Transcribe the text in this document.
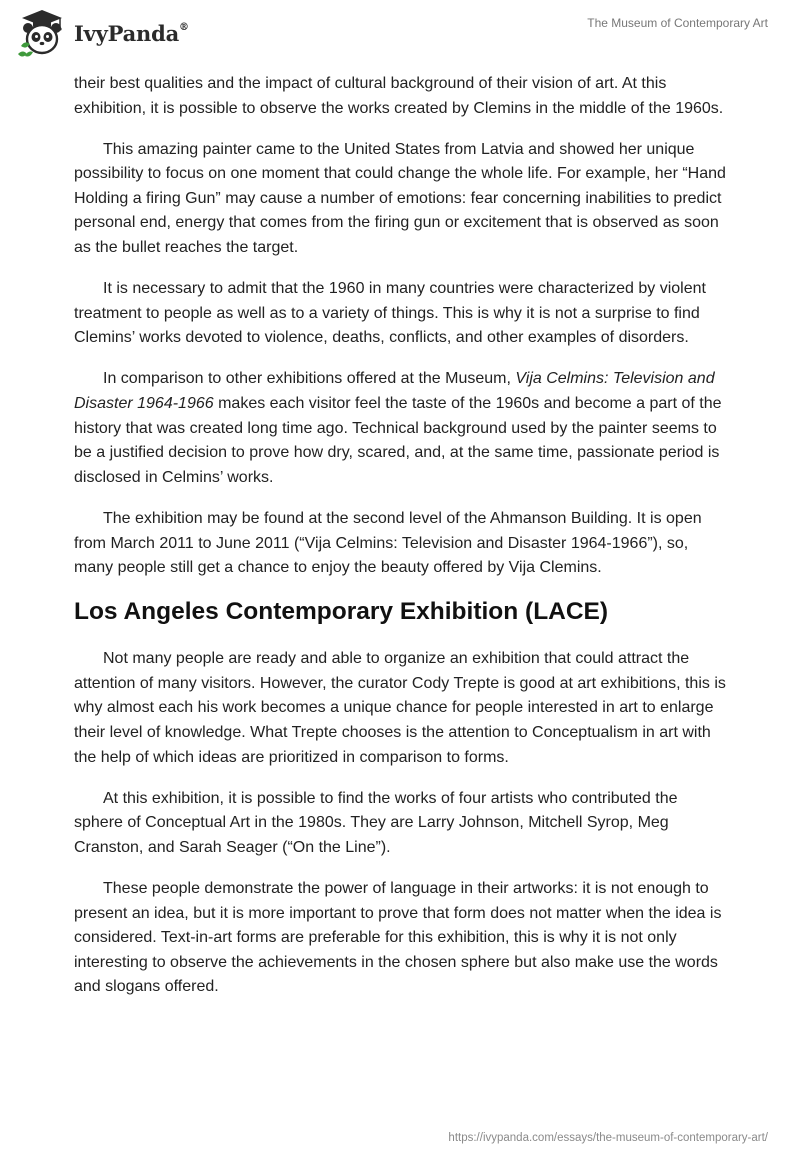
IvyPanda®	The Museum of Contemporary Art

their best qualities and the impact of cultural background of their vision of art. At this exhibition, it is possible to observe the works created by Clemins in the middle of the 1960s.

This amazing painter came to the United States from Latvia and showed her unique possibility to focus on one moment that could change the whole life. For example, her “Hand Holding a firing Gun” may cause a number of emotions: fear concerning inabilities to predict personal end, energy that comes from the firing gun or excitement that is observed as soon as the bullet reaches the target.

It is necessary to admit that the 1960 in many countries were characterized by violent treatment to people as well as to a variety of things. This is why it is not a surprise to find Clemins’ works devoted to violence, deaths, conflicts, and other examples of disorders.

In comparison to other exhibitions offered at the Museum, Vija Celmins: Television and Disaster 1964-1966 makes each visitor feel the taste of the 1960s and become a part of the history that was created long time ago. Technical background used by the painter seems to be a justified decision to prove how dry, scared, and, at the same time, passionate period is disclosed in Celmins’ works.

The exhibition may be found at the second level of the Ahmanson Building. It is open from March 2011 to June 2011 (“Vija Celmins: Television and Disaster 1964-1966”), so, many people still get a chance to enjoy the beauty offered by Vija Clemins.

Los Angeles Contemporary Exhibition (LACE)

Not many people are ready and able to organize an exhibition that could attract the attention of many visitors. However, the curator Cody Trepte is good at art exhibitions, this is why almost each his work becomes a unique chance for people interested in art to enlarge their level of knowledge. What Trepte chooses is the attention to Conceptualism in art with the help of which ideas are prioritized in comparison to forms.

At this exhibition, it is possible to find the works of four artists who contributed the sphere of Conceptual Art in the 1980s. They are Larry Johnson, Mitchell Syrop, Meg Cranston, and Sarah Seager (“On the Line”).

These people demonstrate the power of language in their artworks: it is not enough to present an idea, but it is more important to prove that form does not matter when the idea is considered. Text-in-art forms are preferable for this exhibition, this is why it is not only interesting to observe the achievements in the chosen sphere but also make use the words and slogans offered.

https://ivypanda.com/essays/the-museum-of-contemporary-art/
